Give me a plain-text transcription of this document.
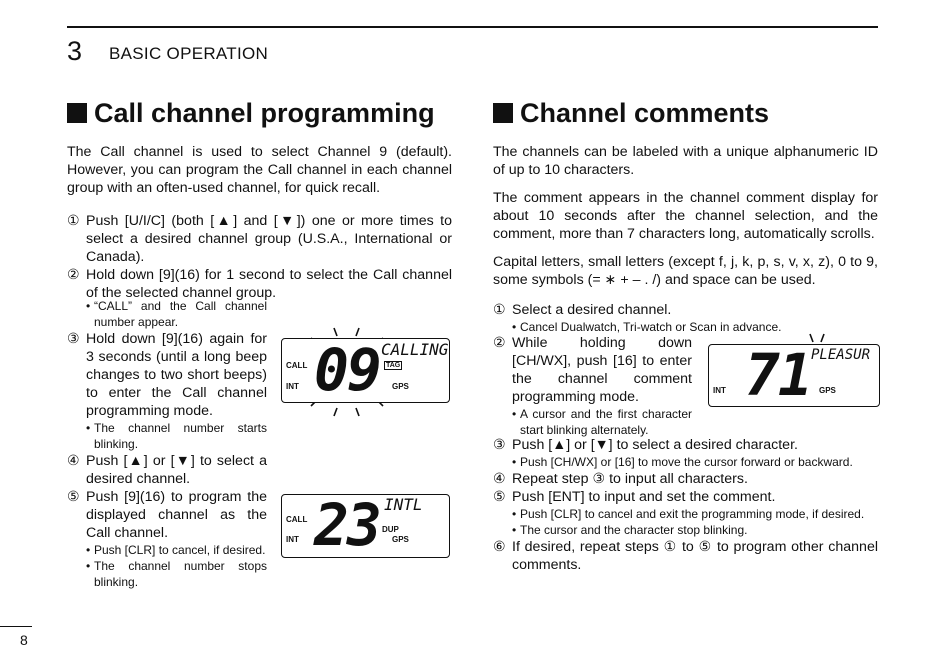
3 BASIC OPERATION
Call channel programming

The Call channel is used to select Channel 9 (default). However, you can program the Call channel in each channel group with an often-used channel, for quick recall.

① Push [U/I/C] (both [▲] and [▼]) one or more times to select a desired channel group (U.S.A., International or Canada).
② Hold down [9](16) for 1 second to select the Call channel of the selected channel group.
• “CALL” and the Call channel number appear.
③ Hold down [9](16) again for 3 seconds (until a long beep changes to two short beeps) to enter the Call channel programming mode.
• The channel number starts blinking.
④ Push [▲] or [▼] to select a desired channel.
⑤ Push [9](16) to program the displayed channel as the Call channel.
• Push [CLR] to cancel, if desired.
• The channel number stops blinking.
CALL
INT 09 CALLING
TAG
GPS
CALL
INT 23 INTL
DUP
GPS
Channel comments

The channels can be labeled with a unique alphanumeric ID of up to 10 characters.

The comment appears in the channel comment display for about 10 seconds after the channel selection, and the comment, more than 7 characters long, automatically scrolls.

Capital letters, small letters (except f, j, k, p, s, v, x, z), 0 to 9, some symbols (= ∗ + – . /) and space can be used.

① Select a desired channel.
• Cancel Dualwatch, Tri-watch or Scan in advance.
② While holding down [CH/WX], push [16] to enter the channel comment programming mode.
• A cursor and the first character start blinking alternately.
INT 71 PLEASUR
GPS
③ Push [▲] or [▼] to select a desired character.
• Push [CH/WX] or [16] to move the cursor forward or backward.
④ Repeat step ③ to input all characters.
⑤ Push [ENT] to input and set the comment.
• Push [CLR] to cancel and exit the programming mode, if desired.
• The cursor and the character stop blinking.
⑥ If desired, repeat steps ① to ⑤ to program other channel comments.
8
